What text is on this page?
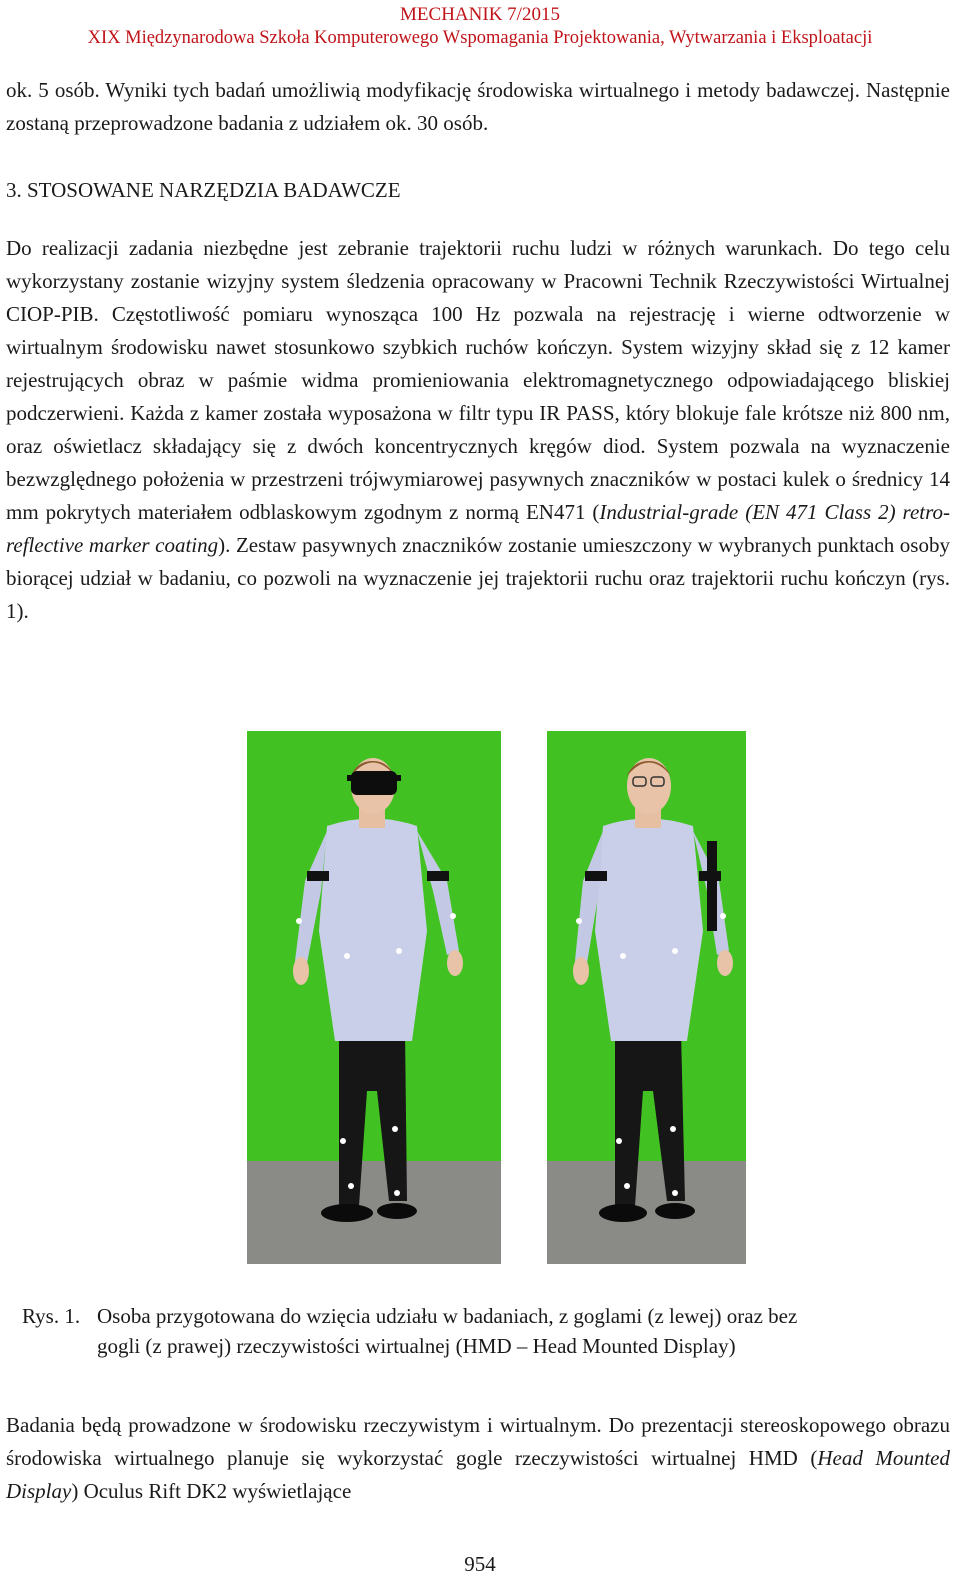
MECHANIK 7/2015
XIX Międzynarodowa Szkoła Komputerowego Wspomagania Projektowania, Wytwarzania i Eksploatacji

ok. 5 osób. Wyniki tych badań umożliwią modyfikację środowiska wirtualnego i metody badawczej. Następnie zostaną przeprowadzone badania z udziałem ok. 30 osób.

3. STOSOWANE NARZĘDZIA BADAWCZE

Do realizacji zadania niezbędne jest zebranie trajektorii ruchu ludzi w różnych warunkach. Do tego celu wykorzystany zostanie wizyjny system śledzenia opracowany w Pracowni Technik Rzeczywistości Wirtualnej CIOP-PIB. Częstotliwość pomiaru wynosząca 100 Hz pozwala na rejestrację i wierne odtworzenie w wirtualnym środowisku nawet stosunkowo szybkich ruchów kończyn. System wizyjny skład się z 12 kamer rejestrujących obraz w paśmie widma promieniowania elektromagnetycznego odpowiadającego bliskiej podczerwieni. Każda z kamer została wyposażona w filtr typu IR PASS, który blokuje fale krótsze niż 800 nm, oraz oświetlacz składający się z dwóch koncentrycznych kręgów diod. System pozwala na wyznaczenie bezwzględnego położenia w przestrzeni trójwymiarowej pasywnych znaczników w postaci kulek o średnicy 14 mm pokrytych materiałem odblaskowym zgodnym z normą EN471 (Industrial-grade (EN 471 Class 2) retro-reflective marker coating). Zestaw pasywnych znaczników zostanie umieszczony w wybranych punktach osoby biorącej udział w badaniu, co pozwoli na wyznaczenie jej trajektorii ruchu oraz trajektorii ruchu kończyn (rys. 1).

Rys. 1. Osoba przygotowana do wzięcia udziału w badaniach, z goglami (z lewej) oraz bez
gogli (z prawej) rzeczywistości wirtualnej (HMD – Head Mounted Display)

Badania będą prowadzone w środowisku rzeczywistym i wirtualnym. Do prezentacji stereoskopowego obrazu środowiska wirtualnego planuje się wykorzystać gogle rzeczywistości wirtualnej HMD (Head Mounted Display) Oculus Rift DK2 wyświetlające

954
